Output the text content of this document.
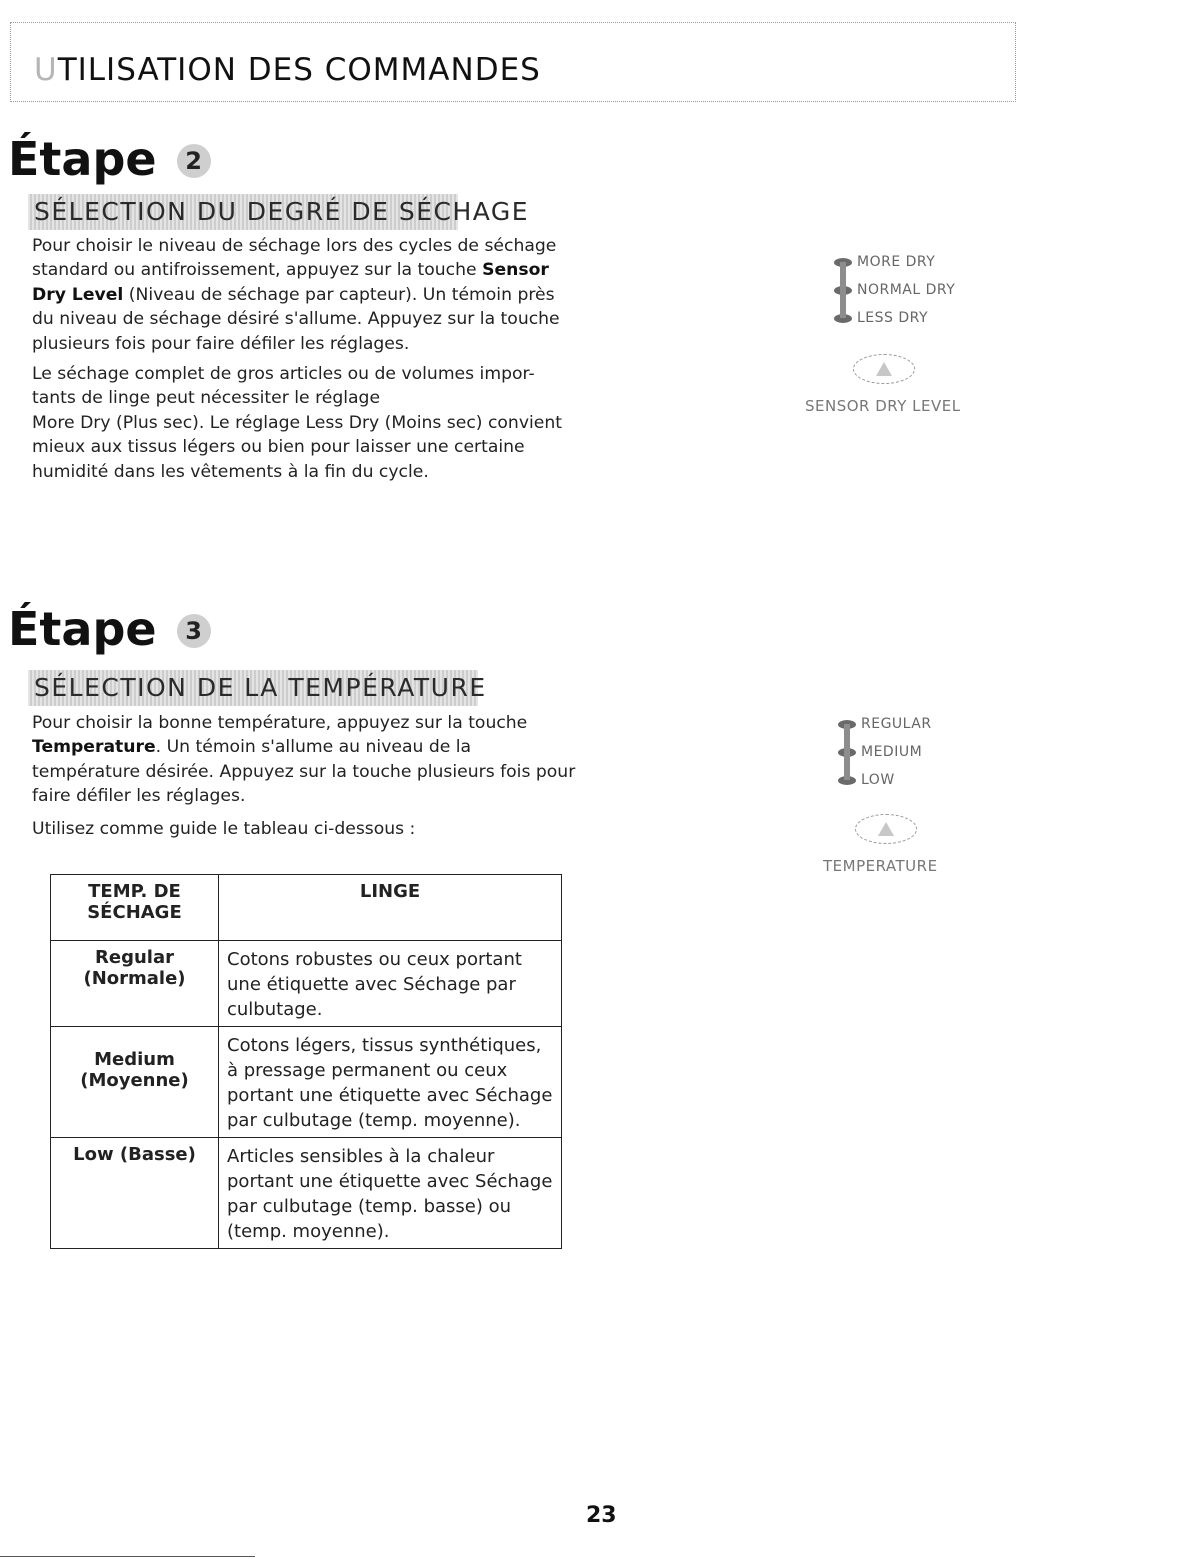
UTILISATION DES COMMANDES
Étape 2
SÉLECTION DU DEGRÉ DE SÉCHAGE

Pour choisir le niveau de séchage lors des cycles de séchage standard ou antifroissement, appuyez sur la touche Sensor Dry Level (Niveau de séchage par capteur). Un témoin près du niveau de séchage désiré s'allume. Appuyez sur la touche plusieurs fois pour faire défiler les réglages.

Le séchage complet de gros articles ou de volumes impor-
tants de linge peut nécessiter le réglage
More Dry (Plus sec). Le réglage Less Dry (Moins sec) convient mieux aux tissus légers ou bien pour laisser une certaine humidité dans les vêtements à la fin du cycle.

MORE DRY
NORMAL DRY
LESS DRY
SENSOR DRY LEVEL
Étape 3
SÉLECTION DE LA TEMPÉRATURE

Pour choisir la bonne température, appuyez sur la touche Temperature. Un témoin s'allume au niveau de la température désirée. Appuyez sur la touche plusieurs fois pour faire défiler les réglages.

Utilisez comme guide le tableau ci-dessous :

REGULAR
MEDIUM
LOW
TEMPERATURE
TEMP. DE SÉCHAGE	LINGE
Regular (Normale)	Cotons robustes ou ceux portant une étiquette avec Séchage par culbutage.
Medium (Moyenne)	Cotons légers, tissus synthétiques, à pressage permanent ou ceux portant une étiquette avec Séchage par culbutage (temp. moyenne).
Low (Basse)	Articles sensibles à la chaleur portant une étiquette avec Séchage par culbutage (temp. basse) ou (temp. moyenne).
23
